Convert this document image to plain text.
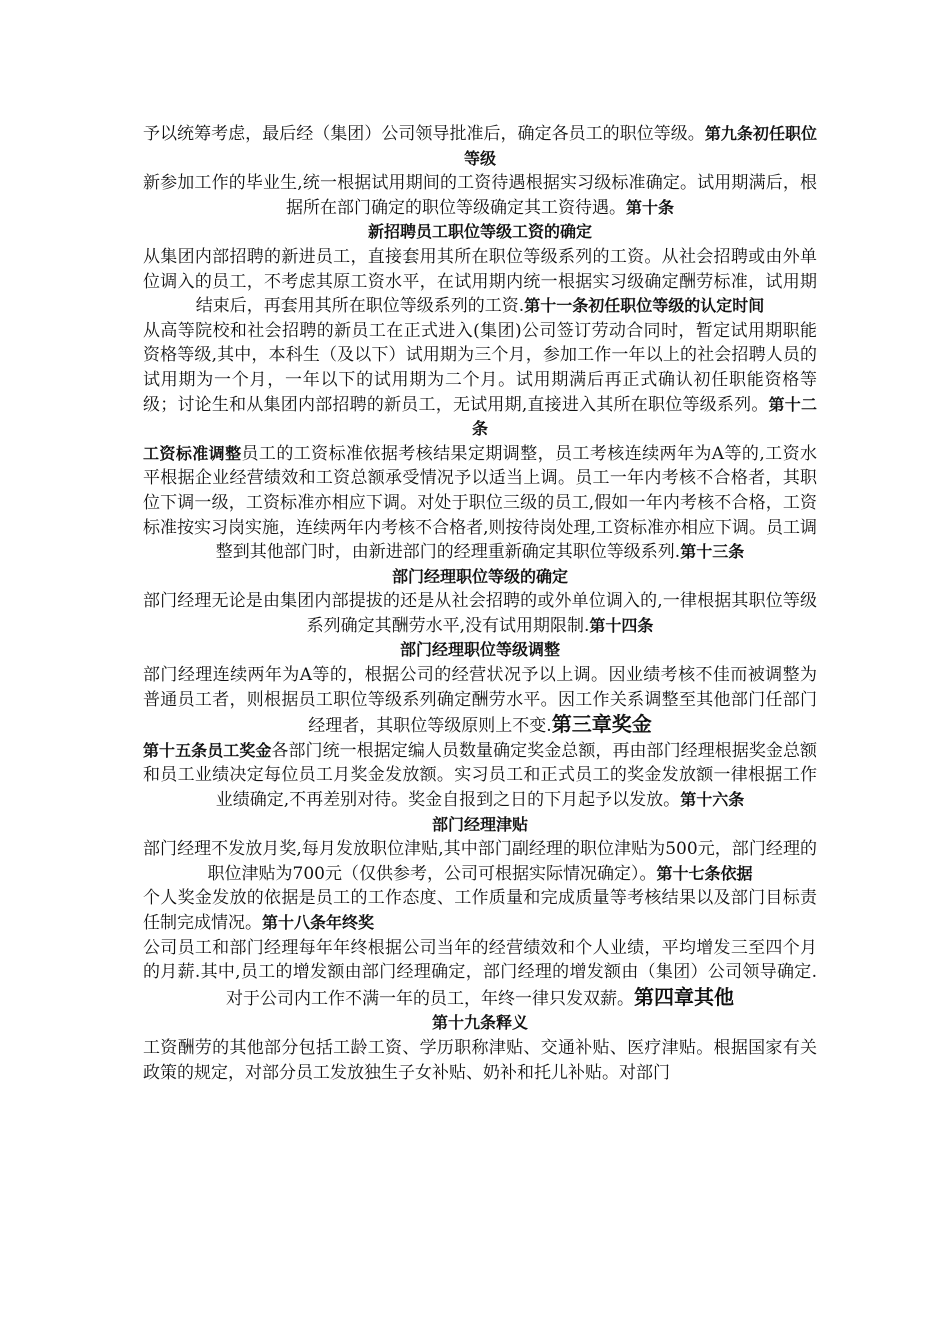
予以统筹考虑，最后经（集团）公司领导批准后，确定各员工的职位等级。第九条初任职位等级

新参加工作的毕业生,统一根据试用期间的工资待遇根据实习级标准确定。试用期满后，根据所在部门确定的职位等级确定其工资待遇。第十条

新招聘员工职位等级工资的确定

从集团内部招聘的新进员工，直接套用其所在职位等级系列的工资。从社会招聘或由外单位调入的员工，不考虑其原工资水平，在试用期内统一根据实习级确定酬劳标准，试用期结束后，再套用其所在职位等级系列的工资.第十一条初任职位等级的认定时间

从高等院校和社会招聘的新员工在正式进入(集团)公司签订劳动合同时，暂定试用期职能资格等级,其中，本科生（及以下）试用期为三个月，参加工作一年以上的社会招聘人员的试用期为一个月，一年以下的试用期为二个月。试用期满后再正式确认初任职能资格等级；讨论生和从集团内部招聘的新员工，无试用期,直接进入其所在职位等级系列。第十二条

工资标准调整员工的工资标准依据考核结果定期调整，员工考核连续两年为A等的,工资水平根据企业经营绩效和工资总额承受情况予以适当上调。员工一年内考核不合格者，其职位下调一级，工资标准亦相应下调。对处于职位三级的员工,假如一年内考核不合格，工资标准按实习岗实施，连续两年内考核不合格者,则按待岗处理,工资标准亦相应下调。员工调整到其他部门时，由新进部门的经理重新确定其职位等级系列.第十三条

部门经理职位等级的确定

部门经理无论是由集团内部提拔的还是从社会招聘的或外单位调入的,一律根据其职位等级系列确定其酬劳水平,没有试用期限制.第十四条

部门经理职位等级调整

部门经理连续两年为A等的，根据公司的经营状况予以上调。因业绩考核不佳而被调整为普通员工者，则根据员工职位等级系列确定酬劳水平。因工作关系调整至其他部门任部门经理者，其职位等级原则上不变.第三章奖金

第十五条员工奖金各部门统一根据定编人员数量确定奖金总额，再由部门经理根据奖金总额和员工业绩决定每位员工月奖金发放额。实习员工和正式员工的奖金发放额一律根据工作业绩确定,不再差别对待。奖金自报到之日的下月起予以发放。第十六条

部门经理津贴

部门经理不发放月奖,每月发放职位津贴,其中部门副经理的职位津贴为500元，部门经理的职位津贴为700元（仅供参考，公司可根据实际情况确定）。第十七条依据

个人奖金发放的依据是员工的工作态度、工作质量和完成质量等考核结果以及部门目标责任制完成情况。第十八条年终奖

公司员工和部门经理每年年终根据公司当年的经营绩效和个人业绩，平均增发三至四个月的月薪.其中,员工的增发额由部门经理确定，部门经理的增发额由（集团）公司领导确定.对于公司内工作不满一年的员工，年终一律只发双薪。第四章其他

第十九条释义

工资酬劳的其他部分包括工龄工资、学历职称津贴、交通补贴、医疗津贴。根据国家有关政策的规定，对部分员工发放独生子女补贴、奶补和托儿补贴。对部门
